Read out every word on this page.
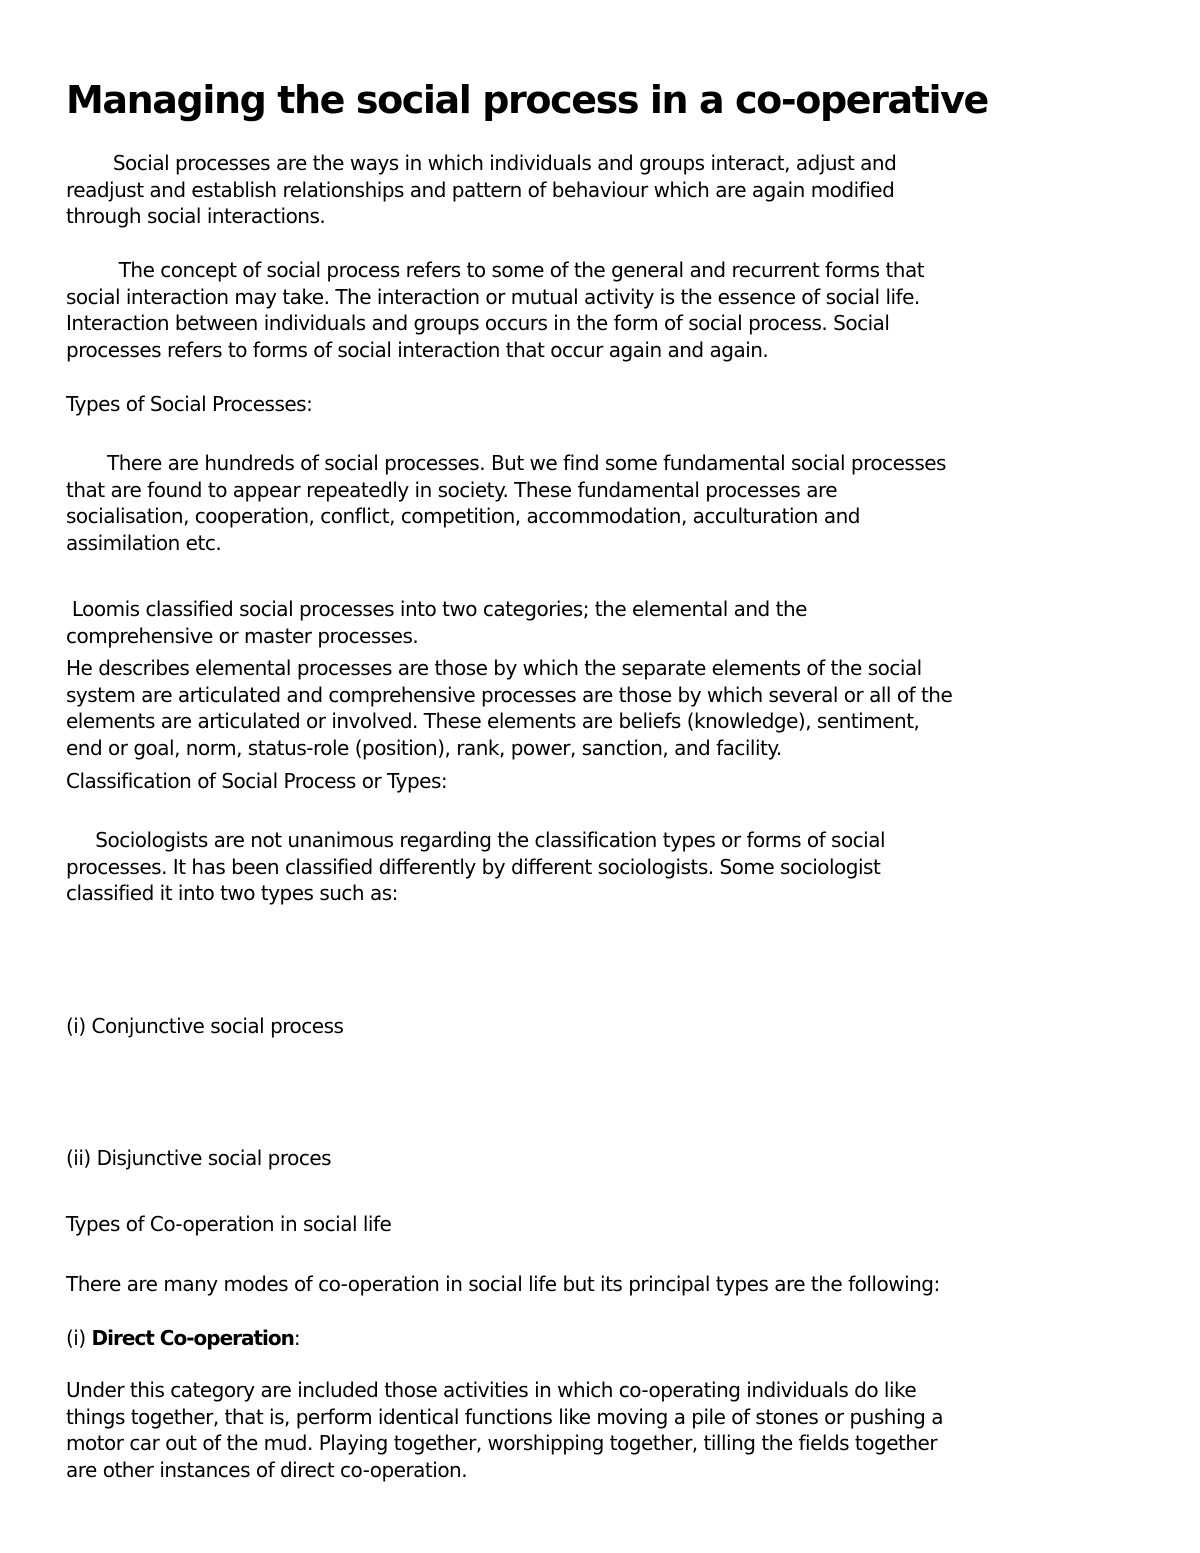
Managing the social process in a co-operative

Social processes are the ways in which individuals and groups interact, adjust and
readjust and establish relationships and pattern of behaviour which are again modified
through social interactions.

The concept of social process refers to some of the general and recurrent forms that
social interaction may take. The interaction or mutual activity is the essence of social life.
Interaction between individuals and groups occurs in the form of social process. Social
processes refers to forms of social interaction that occur again and again.

Types of Social Processes:

There are hundreds of social processes. But we find some fundamental social processes
that are found to appear repeatedly in society. These fundamental processes are
socialisation, cooperation, conflict, competition, accommodation, acculturation and
assimilation etc.

Loomis classified social processes into two categories; the elemental and the
comprehensive or master processes.

He describes elemental processes are those by which the separate elements of the social
system are articulated and comprehensive processes are those by which several or all of the
elements are articulated or involved. These elements are beliefs (knowledge), sentiment,
end or goal, norm, status-role (position), rank, power, sanction, and facility.

Classification of Social Process or Types:

Sociologists are not unanimous regarding the classification types or forms of social
processes. It has been classified differently by different sociologists. Some sociologist
classified it into two types such as:

(i) Conjunctive social process

(ii) Disjunctive social proces

Types of Co-operation in social life

There are many modes of co-operation in social life but its principal types are the following:

(i) Direct Co-operation:

Under this category are included those activities in which co-operating individuals do like
things together, that is, perform identical functions like moving a pile of stones or pushing a
motor car out of the mud. Playing together, worshipping together, tilling the fields together
are other instances of direct co-operation.
